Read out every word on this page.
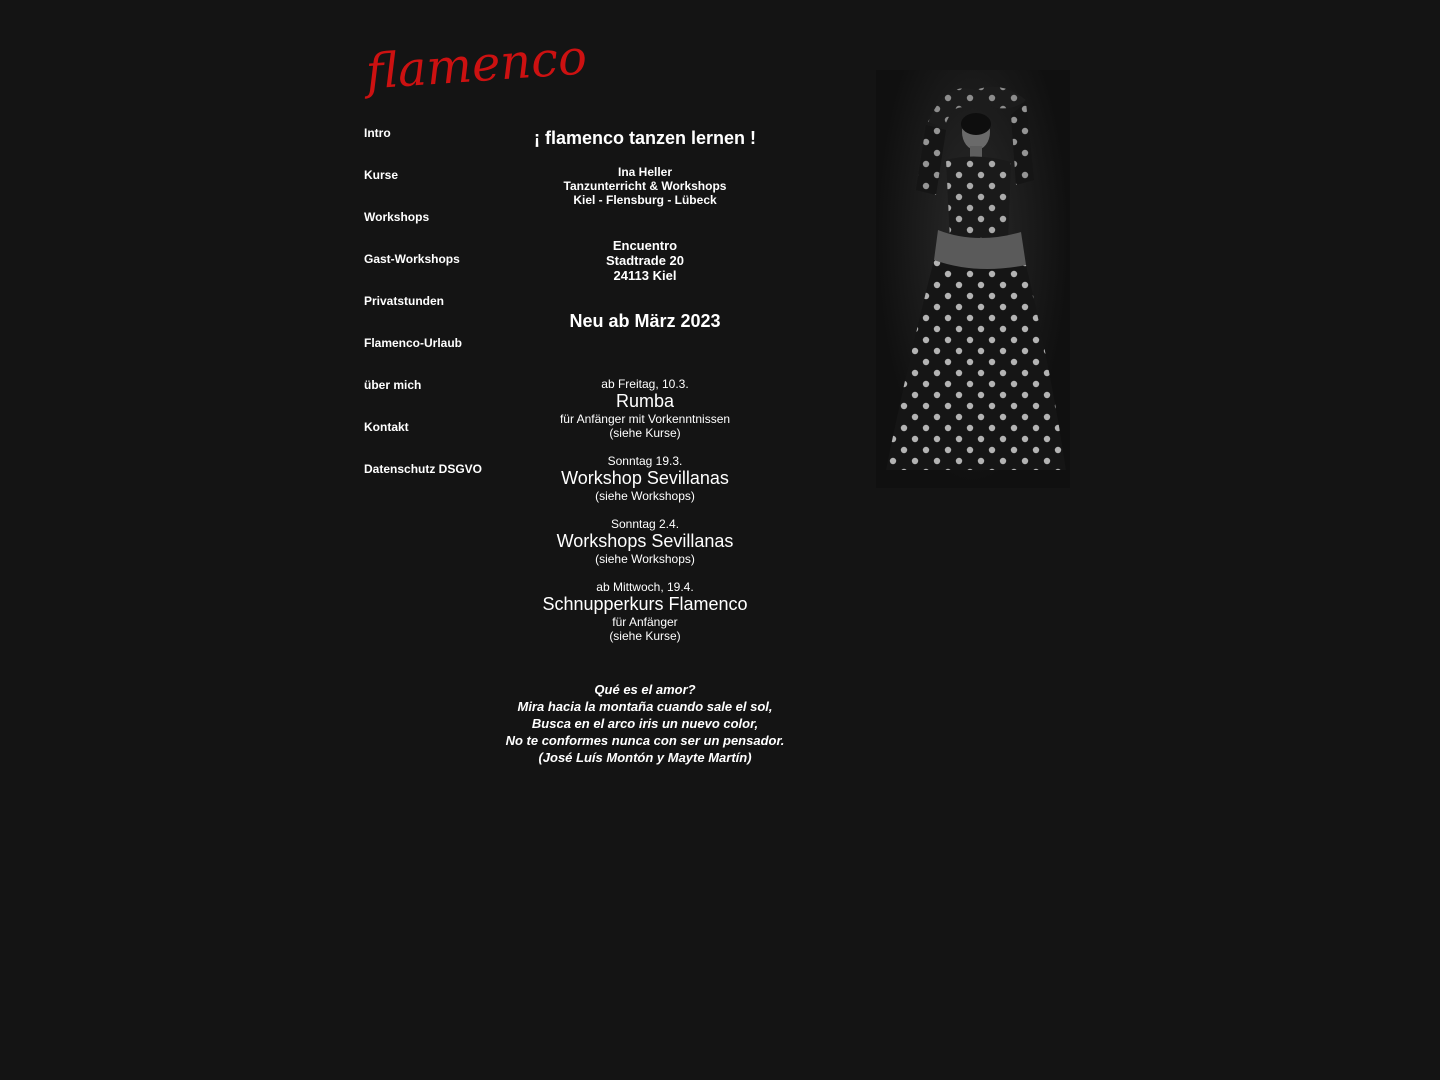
flamenco
Intro
Kurse
Workshops
Gast-Workshops
Privatstunden
Flamenco-Urlaub
über mich
Kontakt
Datenschutz DSGVO
¡ flamenco tanzen lernen !
Ina Heller
Tanzunterricht & Workshops
Kiel - Flensburg - Lübeck
Encuentro
Stadtrade 20
24113 Kiel
Neu ab März 2023
ab Freitag, 10.3.
Rumba
für Anfänger mit Vorkenntnissen
(siehe Kurse)
Sonntag 19.3.
Workshop Sevillanas
(siehe Workshops)
Sonntag 2.4.
Workshops Sevillanas
(siehe Workshops)
ab Mittwoch, 19.4.
Schnupperkurs Flamenco
für Anfänger
(siehe Kurse)
Qué es el amor?
Mira hacia la montaña cuando sale el sol,
Busca en el arco iris un nuevo color,
No te conformes nunca con ser un pensador.
(José Luís Montón y Mayte Martín)
